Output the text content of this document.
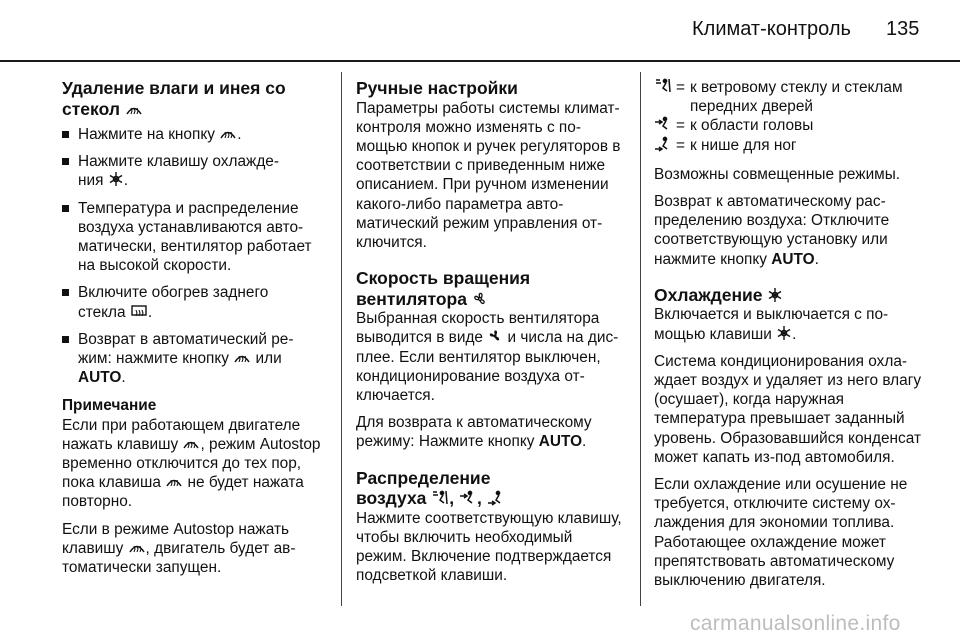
Климат-контроль 135
Удаление влаги и инея со
стекол
Нажмите на кнопку
.
Нажмите клавишу охлажде-
ния
.
Температура и распределение воздуха устанавливаются автоматически, вентилятор работает на высокой скорости.
Включите обогрев заднего
стекла
.
Возврат в автоматический ре-
жим: нажмите кнопку
или
AUTO.
Примечание

Если при работающем двигателе нажать клавишу
, режим Autostop временно отключится до тех пор, пока клавиша
не будет нажата повторно.

Если в режиме Autostop нажать клавишу
, двигатель будет автоматически запущен.

Ручные настройки

Параметры работы системы климат-контроля можно изменять с помощью кнопок и ручек регуляторов в соответствии с приведенным ниже описанием. При ручном изменении какого-либо параметра автоматический режим управления отключится.

Скорость вращения
вентилятора

Выбранная скорость вентилятора выводится в виде
и числа на дисплее. Если вентилятор выключен, кондиционирование воздуха отключается.

Для возврата к автоматическому режиму: Нажмите кнопку AUTO.

Распределение
воздуха ,
,

Нажмите соответствующую клавишу, чтобы включить необходимый режим. Включение подтверждается подсветкой клавиши.

	=	к ветровому стеклу и стеклам передних дверей

	=	к области головы

	=	к нише для ног

Возможны совмещенные режимы.

Возврат к автоматическому распределению воздуха: Отключите соответствующую установку или нажмите кнопку AUTO.

Охлаждение

Включается и выключается с помощью клавиши
.

Система кондиционирования охлаждает воздух и удаляет из него влагу (осушает), когда наружная температура превышает заданный уровень. Образовавшийся конденсат может капать из-под автомобиля.

Если охлаждение или осушение не требуется, отключите систему охлаждения для экономии топлива. Работающее охлаждение может препятствовать автоматическому выключению двигателя.

carmanualsonline.info
